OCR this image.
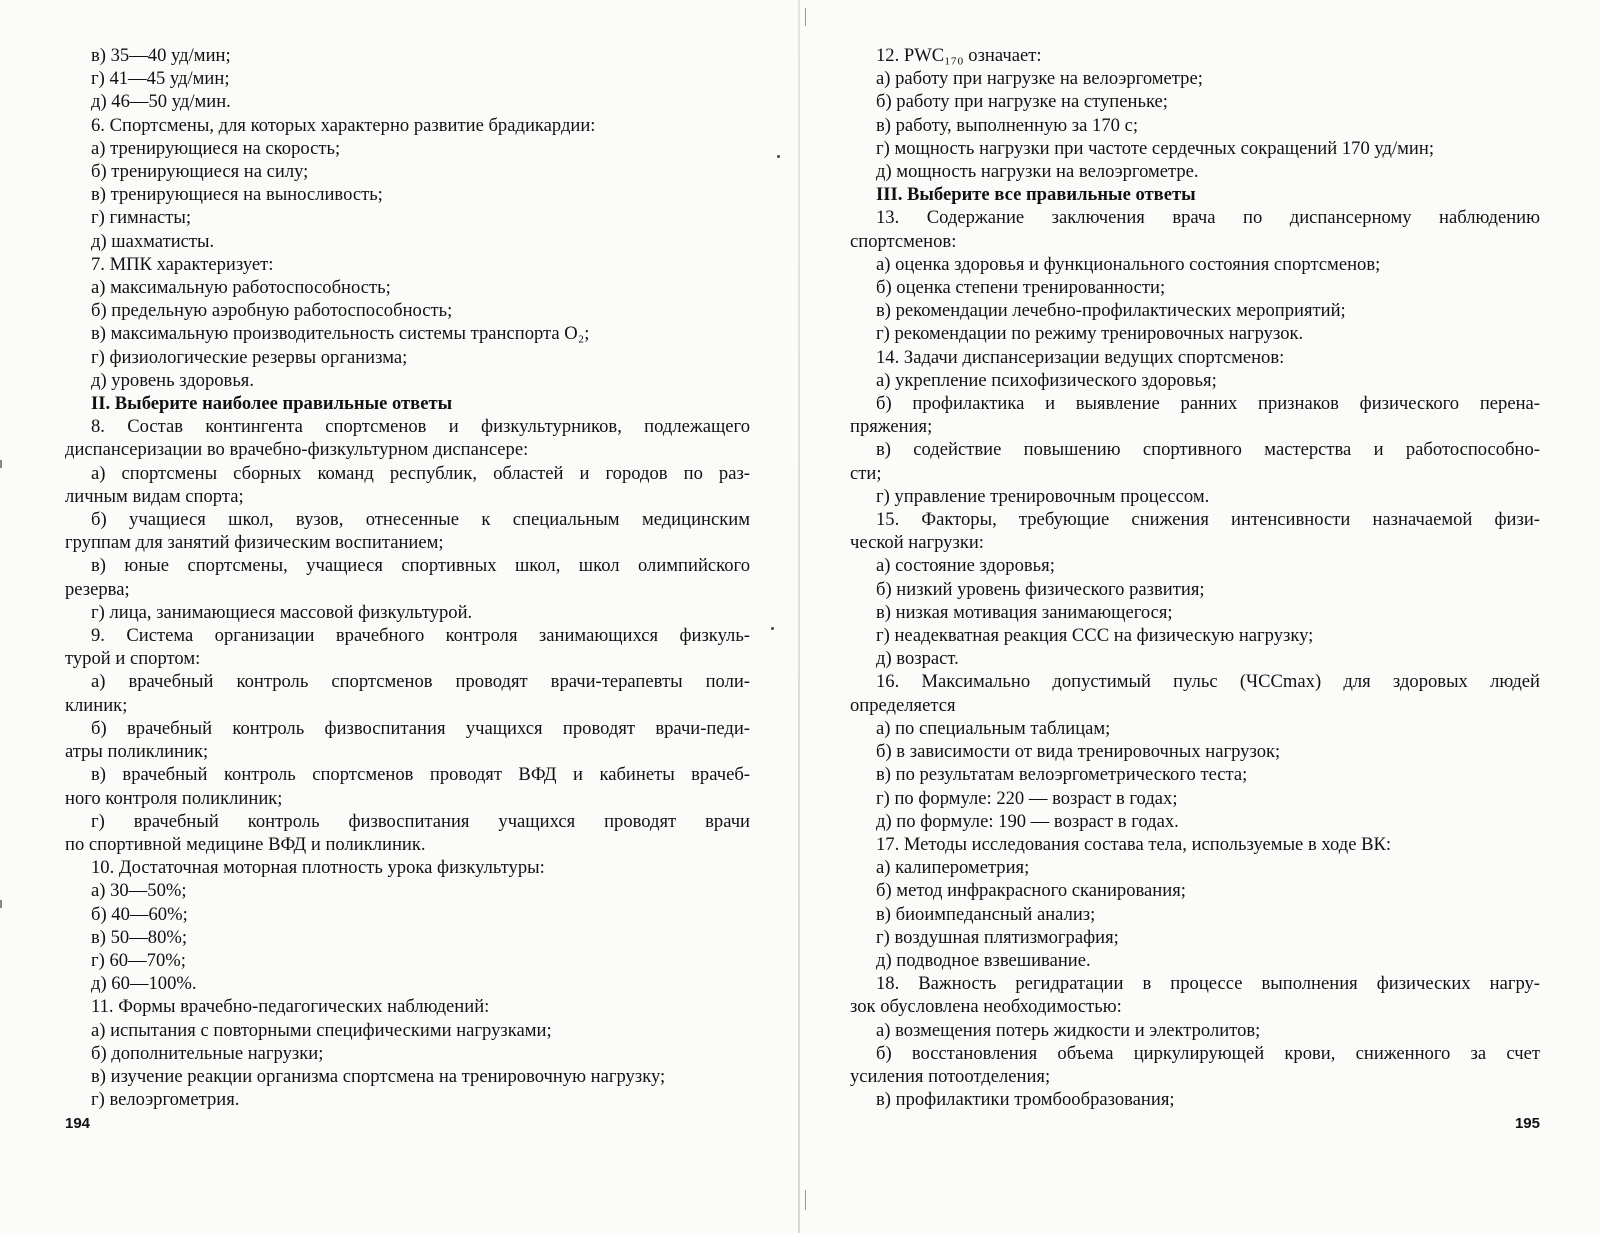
в) 35—40 уд/мин;
г) 41—45 уд/мин;
д) 46—50 уд/мин.
6. Спортсмены, для которых характерно развитие брадикардии:
а) тренирующиеся на скорость;
б) тренирующиеся на силу;
в) тренирующиеся на выносливость;
г) гимнасты;
д) шахматисты.
7. МПК характеризует:
а) максимальную работоспособность;
б) предельную аэробную работоспособность;
в) максимальную производительность системы транспорта O₂;
г) физиологические резервы организма;
д) уровень здоровья.
II. Выберите наиболее правильные ответы
8. Состав контингента спортсменов и физкультурников, подлежащего
диспансеризации во врачебно-физкультурном диспансере:
а) спортсмены сборных команд республик, областей и городов по раз-
личным видам спорта;
б) учащиеся школ, вузов, отнесенные к специальным медицинским
группам для занятий физическим воспитанием;
в) юные спортсмены, учащиеся спортивных школ, школ олимпийского
резерва;
г) лица, занимающиеся массовой физкультурой.
9. Система организации врачебного контроля занимающихся физкуль-
турой и спортом:
а) врачебный контроль спортсменов проводят врачи-терапевты поли-
клиник;
б) врачебный контроль физвоспитания учащихся проводят врачи-педи-
атры поликлиник;
в) врачебный контроль спортсменов проводят ВФД и кабинеты врачеб-
ного контроля поликлиник;
г) врачебный контроль физвоспитания учащихся проводят врачи
по спортивной медицине ВФД и поликлиник.
10. Достаточная моторная плотность урока физкультуры:
а) 30—50%;
б) 40—60%;
в) 50—80%;
г) 60—70%;
д) 60—100%.
11. Формы врачебно-педагогических наблюдений:
а) испытания с повторными специфическими нагрузками;
б) дополнительные нагрузки;
в) изучение реакции организма спортсмена на тренировочную нагрузку;
г) велоэргометрия.
194
12. PWC₁₇₀ означает:
а) работу при нагрузке на велоэргометре;
б) работу при нагрузке на ступеньке;
в) работу, выполненную за 170 с;
г) мощность нагрузки при частоте сердечных сокращений 170 уд/мин;
д) мощность нагрузки на велоэргометре.
III. Выберите все правильные ответы
13. Содержание заключения врача по диспансерному наблюдению
спортсменов:
а) оценка здоровья и функционального состояния спортсменов;
б) оценка степени тренированности;
в) рекомендации лечебно-профилактических мероприятий;
г) рекомендации по режиму тренировочных нагрузок.
14. Задачи диспансеризации ведущих спортсменов:
а) укрепление психофизического здоровья;
б) профилактика и выявление ранних признаков физического перена-
пряжения;
в) содействие повышению спортивного мастерства и работоспособно-
сти;
г) управление тренировочным процессом.
15. Факторы, требующие снижения интенсивности назначаемой физи-
ческой нагрузки:
а) состояние здоровья;
б) низкий уровень физического развития;
в) низкая мотивация занимающегося;
г) неадекватная реакция ССС на физическую нагрузку;
д) возраст.
16. Максимально допустимый пульс (ЧССmax) для здоровых людей
определяется
а) по специальным таблицам;
б) в зависимости от вида тренировочных нагрузок;
в) по результатам велоэргометрического теста;
г) по формуле: 220 — возраст в годах;
д) по формуле: 190 — возраст в годах.
17. Методы исследования состава тела, используемые в ходе ВК:
а) калиперометрия;
б) метод инфракрасного сканирования;
в) биоимпедансный анализ;
г) воздушная плятизмография;
д) подводное взвешивание.
18. Важность регидратации в процессе выполнения физических нагру-
зок обусловлена необходимостью:
а) возмещения потерь жидкости и электролитов;
б) восстановления объема циркулирующей крови, сниженного за счет
усиления потоотделения;
в) профилактики тромбообразования;
195
